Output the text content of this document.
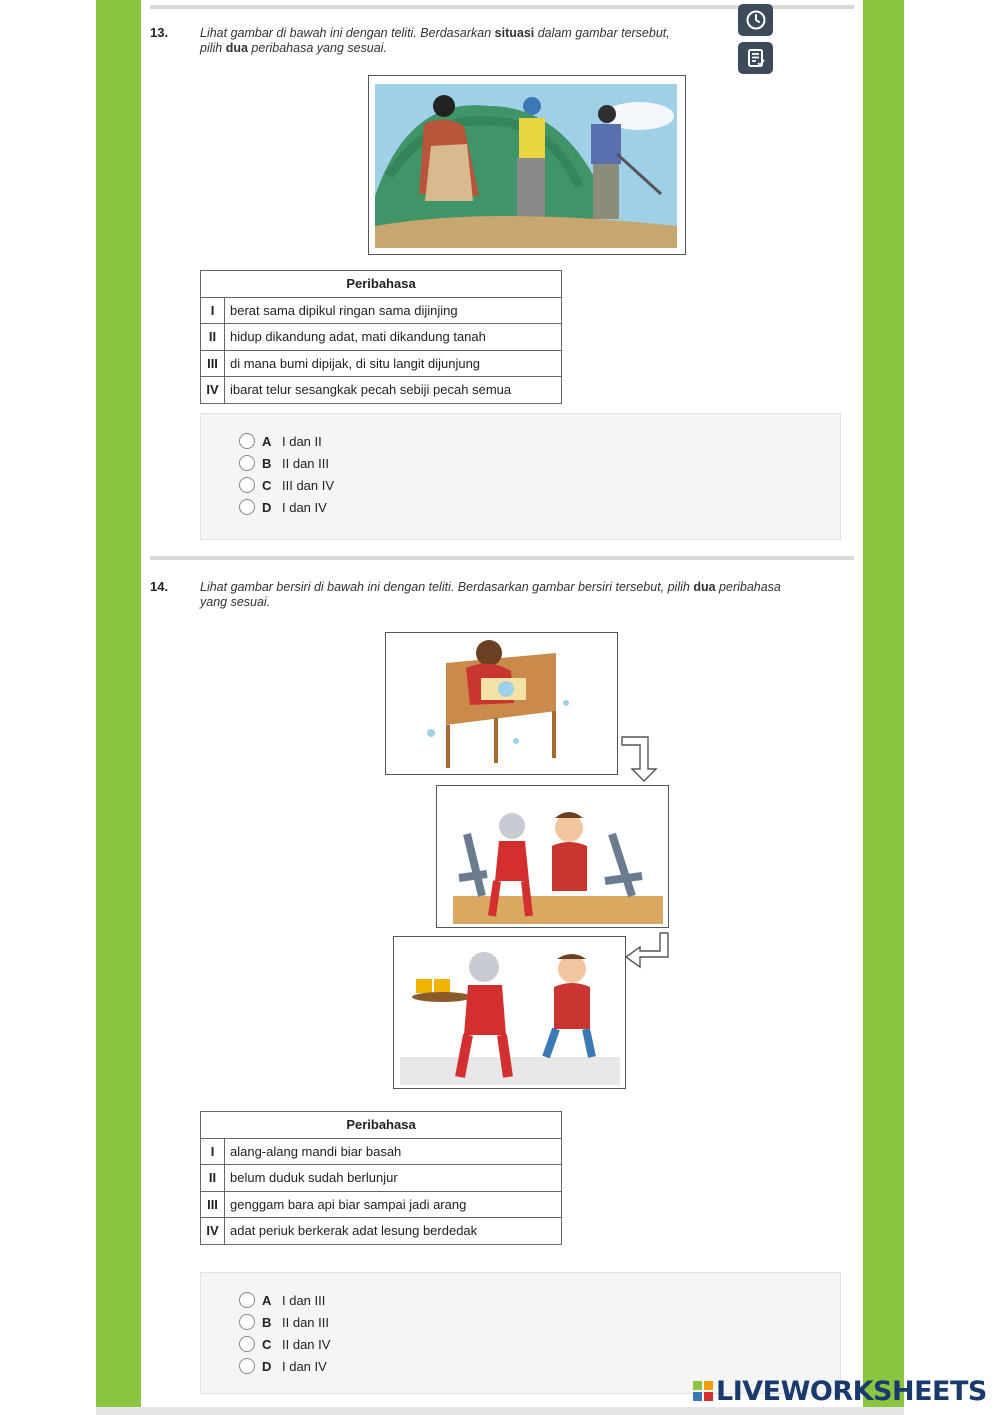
13.	Lihat gambar di bawah ini dengan teliti. Berdasarkan situasi dalam gambar tersebut,
pilih dua peribahasa yang sesuai.
Peribahasa	
I	berat sama dipikul ringan sama dijinjing
II	hidup dikandung adat, mati dikandung tanah
III	di mana bumi dipijak, di situ langit dijunjung
IV	ibarat telur sesangkak pecah sebiji pecah semua
A I dan II
B II dan III
C III dan IV
D I dan IV
14.	Lihat gambar bersiri di bawah ini dengan teliti. Berdasarkan gambar bersiri tersebut, pilih dua peribahasa
yang sesuai.
Peribahasa	
I	alang-alang mandi biar basah
II	belum duduk sudah berlunjur
III	genggam bara api biar sampai jadi arang
IV	adat periuk berkerak adat lesung berdedak
A I dan III
B II dan III
C II dan IV
D I dan IV
LIVEWORKSHEETS
